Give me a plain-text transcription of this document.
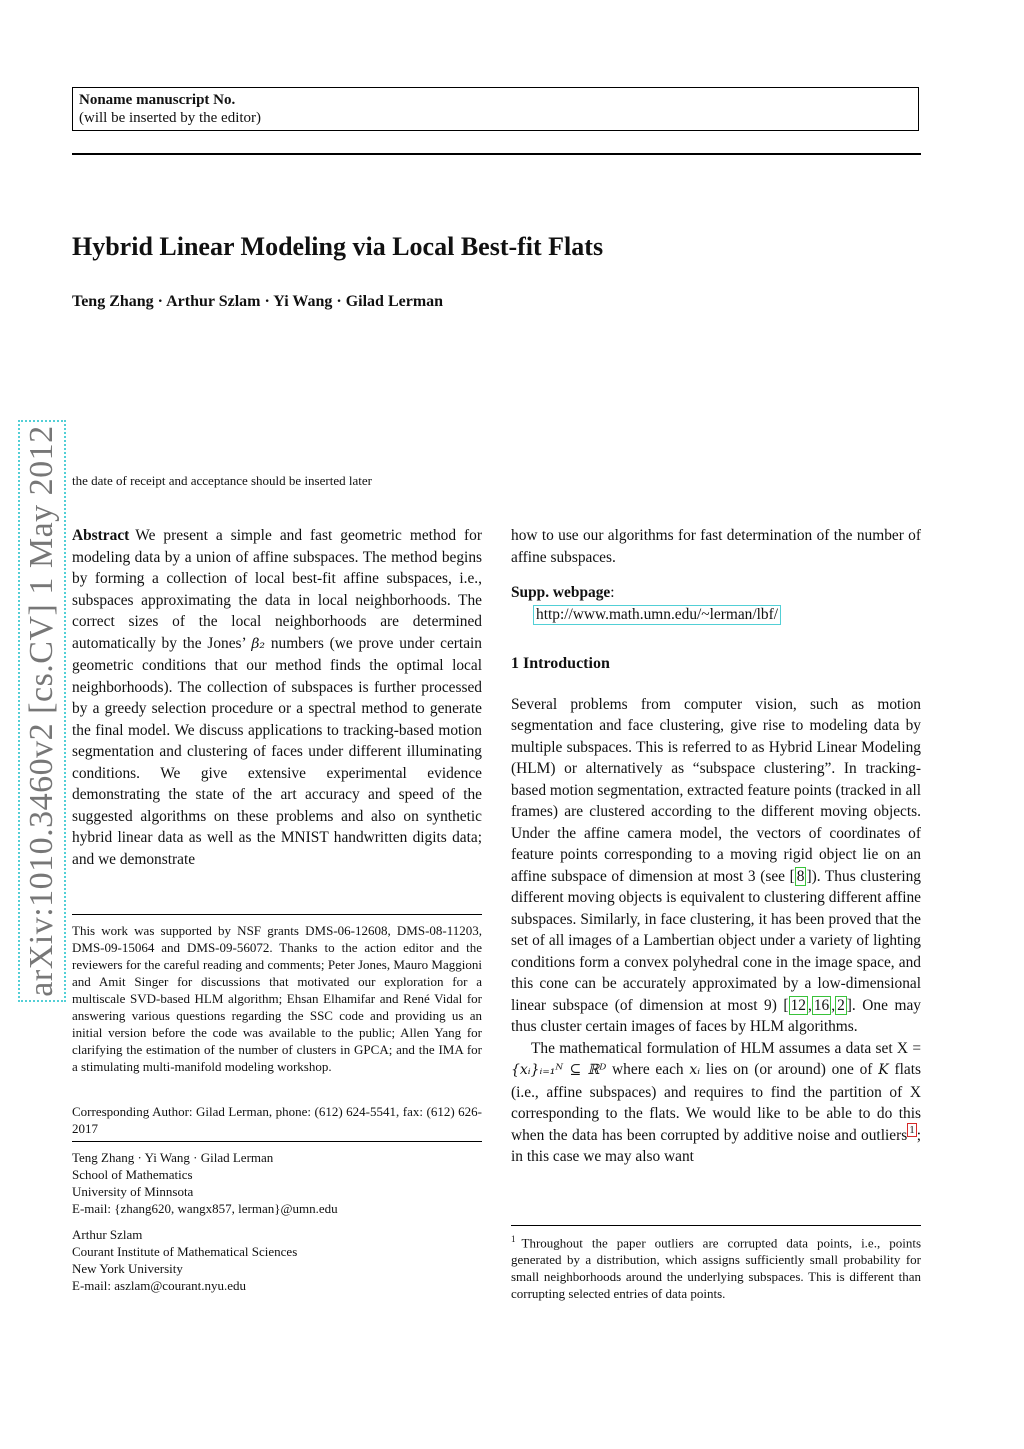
Noname manuscript No.
(will be inserted by the editor)
Hybrid Linear Modeling via Local Best-fit Flats
Teng Zhang · Arthur Szlam · Yi Wang · Gilad Lerman
arXiv:1010.3460v2 [cs.CV] 1 May 2012 the date of receipt and acceptance should be inserted later

Abstract We present a simple and fast geometric method for modeling data by a union of affine subspaces. The method begins by forming a collection of local best-fit affine subspaces, i.e., subspaces approximating the data in local neighborhoods. The correct sizes of the local neighborhoods are determined automatically by the Jones’ β₂ numbers (we prove under certain geometric conditions that our method finds the optimal local neighborhoods). The collection of subspaces is further processed by a greedy selection procedure or a spectral method to generate the final model. We discuss applications to tracking-based motion segmentation and clustering of faces under different illuminating conditions. We give extensive experimental evidence demonstrating the state of the art accuracy and speed of the suggested algorithms on these problems and also on synthetic hybrid linear data as well as the MNIST handwritten digits data; and we demonstrate

This work was supported by NSF grants DMS-06-12608, DMS-08-11203, DMS-09-15064 and DMS-09-56072. Thanks to the action editor and the reviewers for the careful reading and comments; Peter Jones, Mauro Maggioni and Amit Singer for discussions that motivated our exploration for a multiscale SVD-based HLM algorithm; Ehsan Elhamifar and René Vidal for answering various questions regarding the SSC code and providing us an initial version before the code was available to the public; Allen Yang for clarifying the estimation of the number of clusters in GPCA; and the IMA for a stimulating multi-manifold modeling workshop.
Corresponding Author: Gilad Lerman, phone: (612) 624-5541, fax: (612) 626-2017
Teng Zhang · Yi Wang · Gilad Lerman
School of Mathematics
University of Minnsota
E-mail: {zhang620, wangx857, lerman}@umn.edu
Arthur Szlam
Courant Institute of Mathematical Sciences
New York University
E-mail: aszlam@courant.nyu.edu

how to use our algorithms for fast determination of the number of affine subspaces.

Supp. webpage:

http://www.math.umn.edu/~lerman/lbf/

1 Introduction

Several problems from computer vision, such as motion segmentation and face clustering, give rise to modeling data by multiple subspaces. This is referred to as Hybrid Linear Modeling (HLM) or alternatively as “subspace clustering”. In tracking-based motion segmentation, extracted feature points (tracked in all frames) are clustered according to the different moving objects. Under the affine camera model, the vectors of coordinates of feature points corresponding to a moving rigid object lie on an affine subspace of dimension at most 3 (see [ 8 ]). Thus clustering different moving objects is equivalent to clustering different affine subspaces. Similarly, in face clustering, it has been proved that the set of all images of a Lambertian object under a variety of lighting conditions form a convex polyhedral cone in the image space, and this cone can be accurately approximated by a low-dimensional linear subspace (of dimension at most 9) [ 12 , 16 , 2 ]. One may thus cluster certain images of faces by HLM algorithms.

The mathematical formulation of HLM assumes a data set X = {xᵢ}ᵢ₌₁ᴺ ⊆ ℝᴰ where each xᵢ lies on (or around) one of K flats (i.e., affine subspaces) and requires to find the partition of X corresponding to the flats. We would like to be able to do this when the data has been corrupted by additive noise and outliers $^1$ ; in this case we may also want

$^1$ Throughout the paper outliers are corrupted data points, i.e., points generated by a distribution, which assigns sufficiently small probability for small neighborhoods around the underlying subspaces. This is different than corrupting selected entries of data points.
